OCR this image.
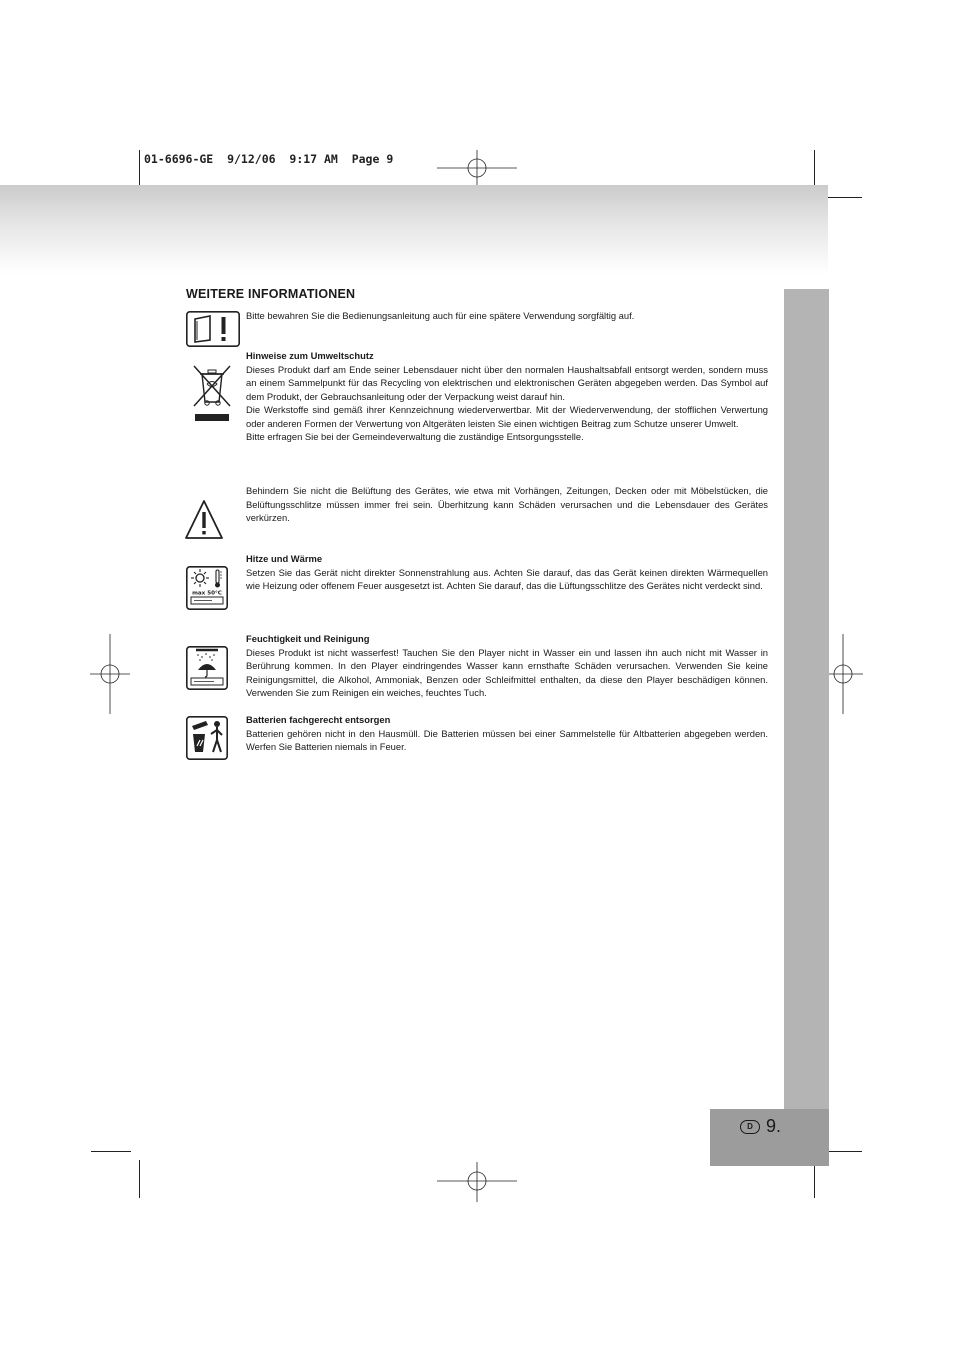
01-6696-GE  9/12/06  9:17 AM  Page 9
D 9.
WEITERE INFORMATIONEN
max 50°C

Bitte bewahren Sie die Bedienungsanleitung auch für eine spätere Verwendung sorgfältig auf.

Hinweise zum Umweltschutz

Dieses Produkt darf am Ende seiner Lebensdauer nicht über den normalen Haushaltsabfall entsorgt werden, sondern muss an einem Sammelpunkt für das Recycling von elektrischen und elektronischen Geräten abgegeben werden. Das Symbol auf dem Produkt, der Gebrauchsanleitung oder der Verpackung weist darauf hin.

Die Werkstoffe sind gemäß ihrer Kennzeichnung wiederverwertbar. Mit der Wiederverwendung, der stofflichen Verwertung oder anderen Formen der Verwertung von Altgeräten leisten Sie einen wichtigen Beitrag zum Schutze unserer Umwelt.

Bitte erfragen Sie bei der Gemeindeverwaltung die zuständige Entsorgungsstelle.

Behindern Sie nicht die Belüftung des Gerätes, wie etwa mit Vorhängen, Zeitungen, Decken oder mit Möbelstücken, die Belüftungsschlitze müssen immer frei sein. Überhitzung kann Schäden verursachen und die Lebensdauer des Gerätes verkürzen.

Hitze und Wärme

Setzen Sie das Gerät nicht direkter Sonnenstrahlung aus. Achten Sie darauf, das das Gerät keinen direkten Wärmequellen wie Heizung oder offenem Feuer ausgesetzt ist. Achten Sie darauf, das die Lüftungsschlitze des Gerätes nicht verdeckt sind.

Feuchtigkeit und Reinigung

Dieses Produkt ist nicht wasserfest! Tauchen Sie den Player nicht in Wasser ein und lassen ihn auch nicht mit Wasser in Berührung kommen. In den Player eindringendes Wasser kann ernsthafte Schäden verursachen. Verwenden Sie keine Reinigungsmittel, die Alkohol, Ammoniak, Benzen oder Schleifmittel enthalten, da diese den Player beschädigen können. Verwenden Sie zum Reinigen ein weiches, feuchtes Tuch.

Batterien fachgerecht entsorgen

Batterien gehören nicht in den Hausmüll. Die Batterien müssen bei einer Sammelstelle für Altbatterien abgegeben werden. Werfen Sie Batterien niemals in Feuer.
